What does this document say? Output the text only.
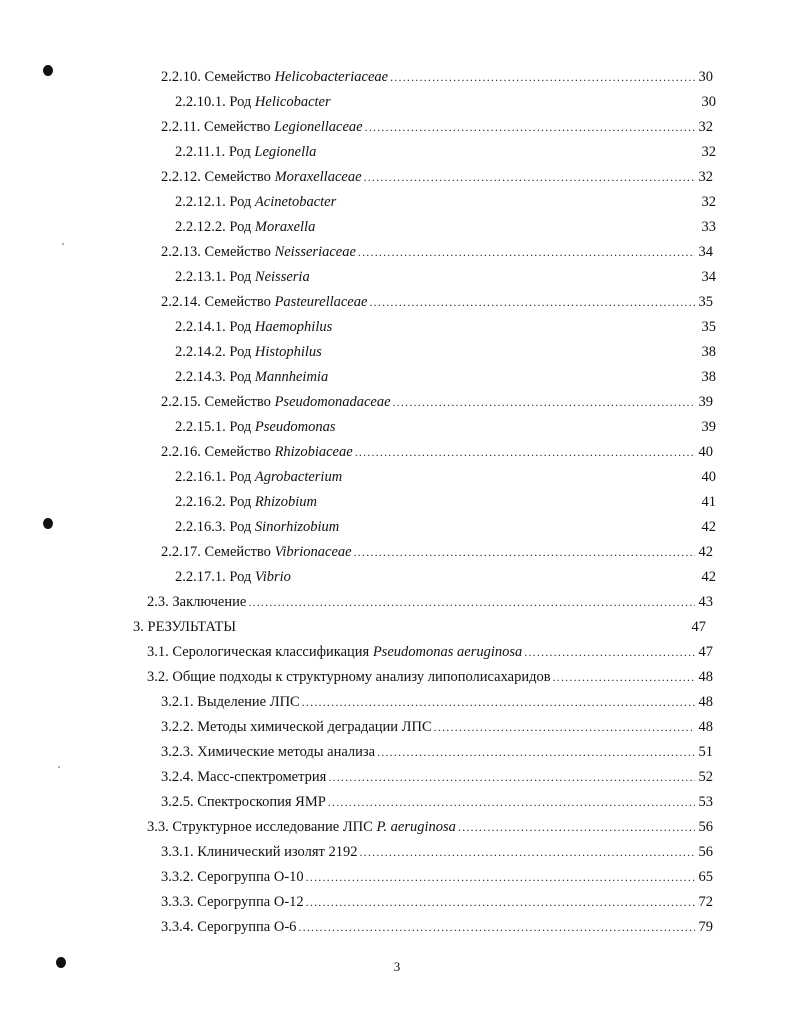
2.2.10. Семейство Helicobacteriaceae .....	30
2.2.10.1. Род Helicobacter	30
2.2.11. Семейство Legionellaceae .....	32
2.2.11.1. Род Legionella	32
2.2.12. Семейство Moraxellaceae .....	32
2.2.12.1. Род Acinetobacter	32
2.2.12.2. Род Moraxella	33
2.2.13. Семейство Neisseriaceae .....	34
2.2.13.1. Род Neisseria	34
2.2.14. Семейство Pasteurellaceae .....	35
2.2.14.1. Род Haemophilus	35
2.2.14.2. Род Histophilus	38
2.2.14.3. Род Mannheimia	38
2.2.15. Семейство Pseudomonadaceae .....	39
2.2.15.1. Род Pseudomonas	39
2.2.16. Семейство Rhizobiaceae .....	40
2.2.16.1. Род Agrobacterium	40
2.2.16.2. Род Rhizobium	41
2.2.16.3. Род Sinorhizobium	42
2.2.17. Семейство Vibrionaceae .....	42
2.2.17.1. Род Vibrio	42
2.3. Заключение .....	43
3. РЕЗУЛЬТАТЫ	47
3.1. Серологическая классификация Pseudomonas aeruginosa .....	47
3.2. Общие подходы к структурному анализу липополисахаридов .....	48
3.2.1. Выделение ЛПС .....	48
3.2.2. Методы химической деградации ЛПС .....	48
3.2.3. Химические методы анализа .....	51
3.2.4. Масс-спектрометрия .....	52
3.2.5. Спектроскопия ЯМР .....	53
3.3. Структурное исследование ЛПС P. aeruginosa .....	56
3.3.1. Клинический изолят 2192 .....	56
3.3.2. Серогруппа О-10 .....	65
3.3.3. Серогруппа О-12 .....	72
3.3.4. Серогруппа О-6 .....	79
3
